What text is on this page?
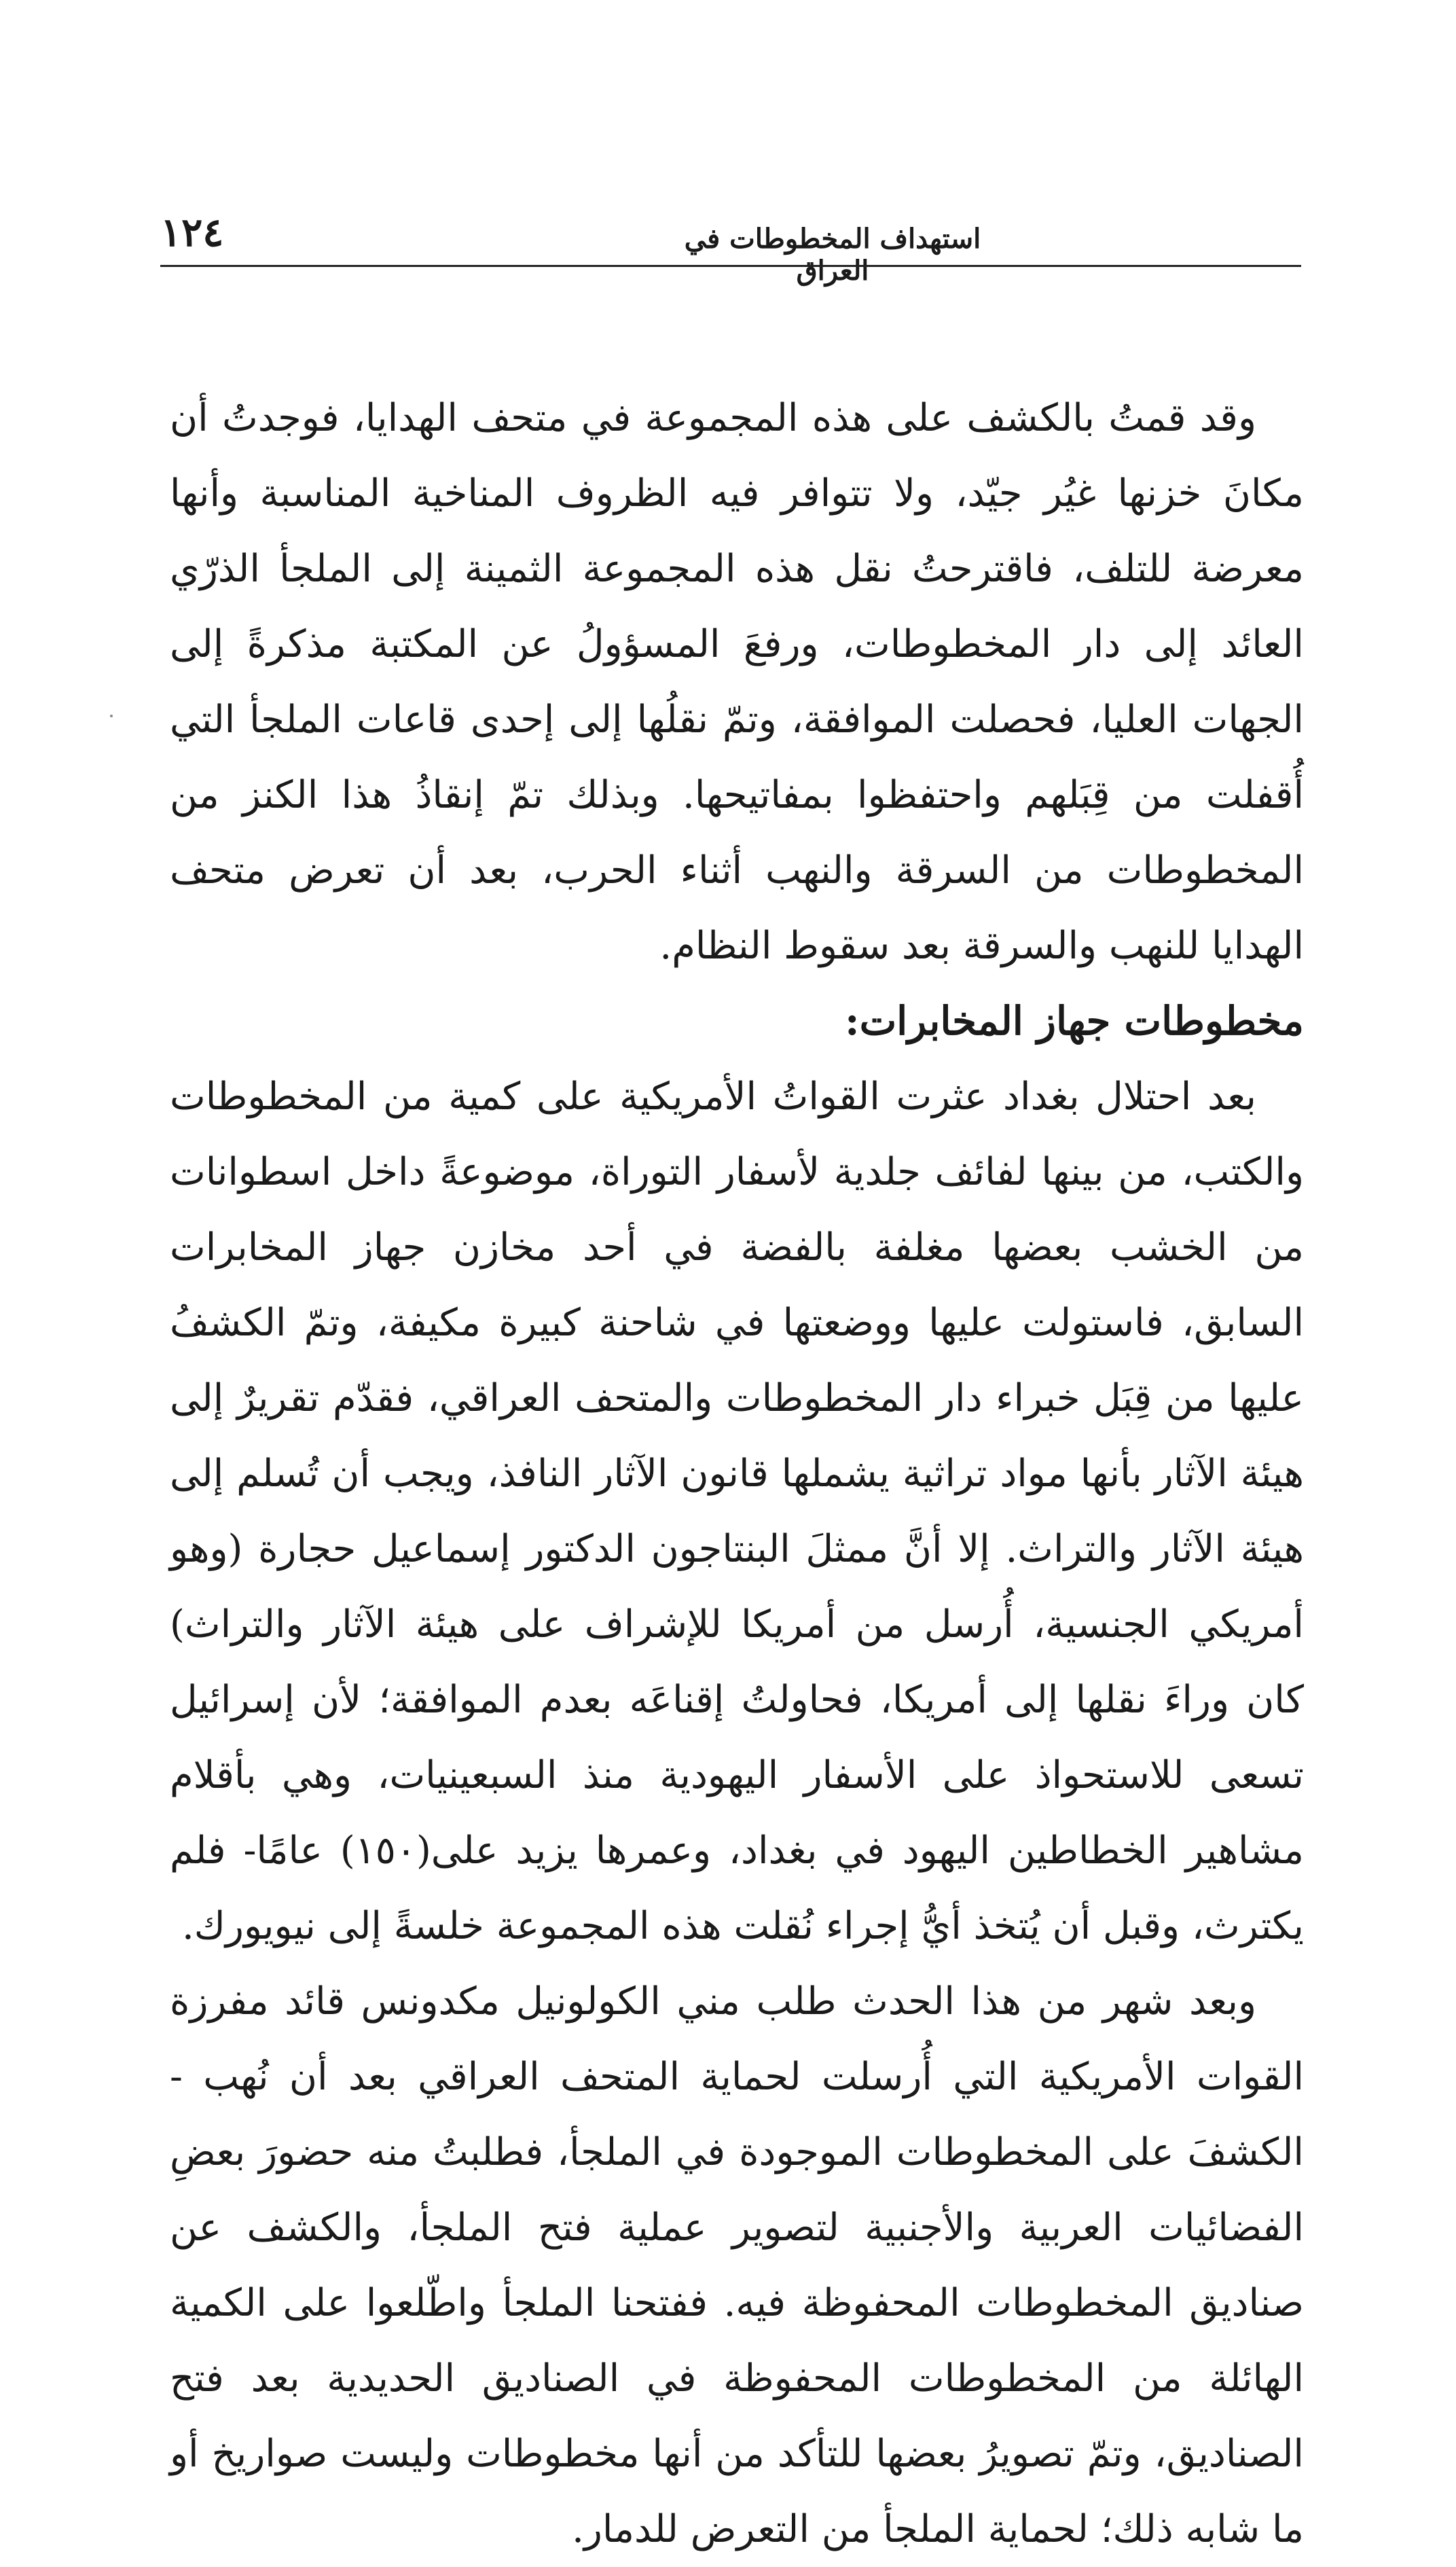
١٢٤	استهداف المخطوطات في العراق

وقد قمتُ بالكشف على هذه المجموعة في متحف الهدايا، فوجدتُ أن مكانَ خزنها غيُر جيّد، ولا تتوافر فيه الظروف المناخية المناسبة وأنها معرضة للتلف، فاقترحتُ نقل هذه المجموعة الثمينة إلى الملجأ الذرّي العائد إلى دار المخطوطات، ورفعَ المسؤولُ عن المكتبة مذكرةً إلى الجهات العليا، فحصلت الموافقة، وتمّ نقلُها إلى إحدى قاعات الملجأ التي أُقفلت من قِبَلهم واحتفظوا بمفاتيحها. وبذلك تمّ إنقاذُ هذا الكنز من المخطوطات من السرقة والنهب أثناء الحرب، بعد أن تعرض متحف الهدايا للنهب والسرقة بعد سقوط النظام.

مخطوطات جهاز المخابرات:

بعد احتلال بغداد عثرت القواتُ الأمريكية على كمية من المخطوطات والكتب، من بينها لفائف جلدية لأسفار التوراة، موضوعةً داخل اسطوانات من الخشب بعضها مغلفة بالفضة في أحد مخازن جهاز المخابرات السابق، فاستولت عليها ووضعتها في شاحنة كبيرة مكيفة، وتمّ الكشفُ عليها من قِبَل خبراء دار المخطوطات والمتحف العراقي، فقدّم تقريرٌ إلى هيئة الآثار بأنها مواد تراثية يشملها قانون الآثار النافذ، ويجب أن تُسلم إلى هيئة الآثار والتراث. إلا أنَّ ممثلَ البنتاجون الدكتور إسماعيل حجارة (وهو أمريكي الجنسية، أُرسل من أمريكا للإشراف على هيئة الآثار والتراث) كان وراءَ نقلها إلى أمريكا، فحاولتُ إقناعَه بعدم الموافقة؛ لأن إسرائيل تسعى للاستحواذ على الأسفار اليهودية منذ السبعينيات، وهي بأقلام مشاهير الخطاطين اليهود في بغداد، وعمرها يزيد على(١٥٠) عامًا- فلم يكترث، وقبل أن يُتخذ أيُّ إجراء نُقلت هذه المجموعة خلسةً إلى نيويورك.

وبعد شهر من هذا الحدث طلب مني الكولونيل مكدونس قائد مفرزة القوات الأمريكية التي أُرسلت لحماية المتحف العراقي بعد أن نُهب - الكشفَ على المخطوطات الموجودة في الملجأ، فطلبتُ منه حضورَ بعضِ الفضائيات العربية والأجنبية لتصوير عملية فتح الملجأ، والكشف عن صناديق المخطوطات المحفوظة فيه. ففتحنا الملجأ واطّلعوا على الكمية الهائلة من المخطوطات المحفوظة في الصناديق الحديدية بعد فتح الصناديق، وتمّ تصويرُ بعضها للتأكد من أنها مخطوطات وليست صواريخ أو ما شابه ذلك؛ لحماية الملجأ من التعرض للدمار.
